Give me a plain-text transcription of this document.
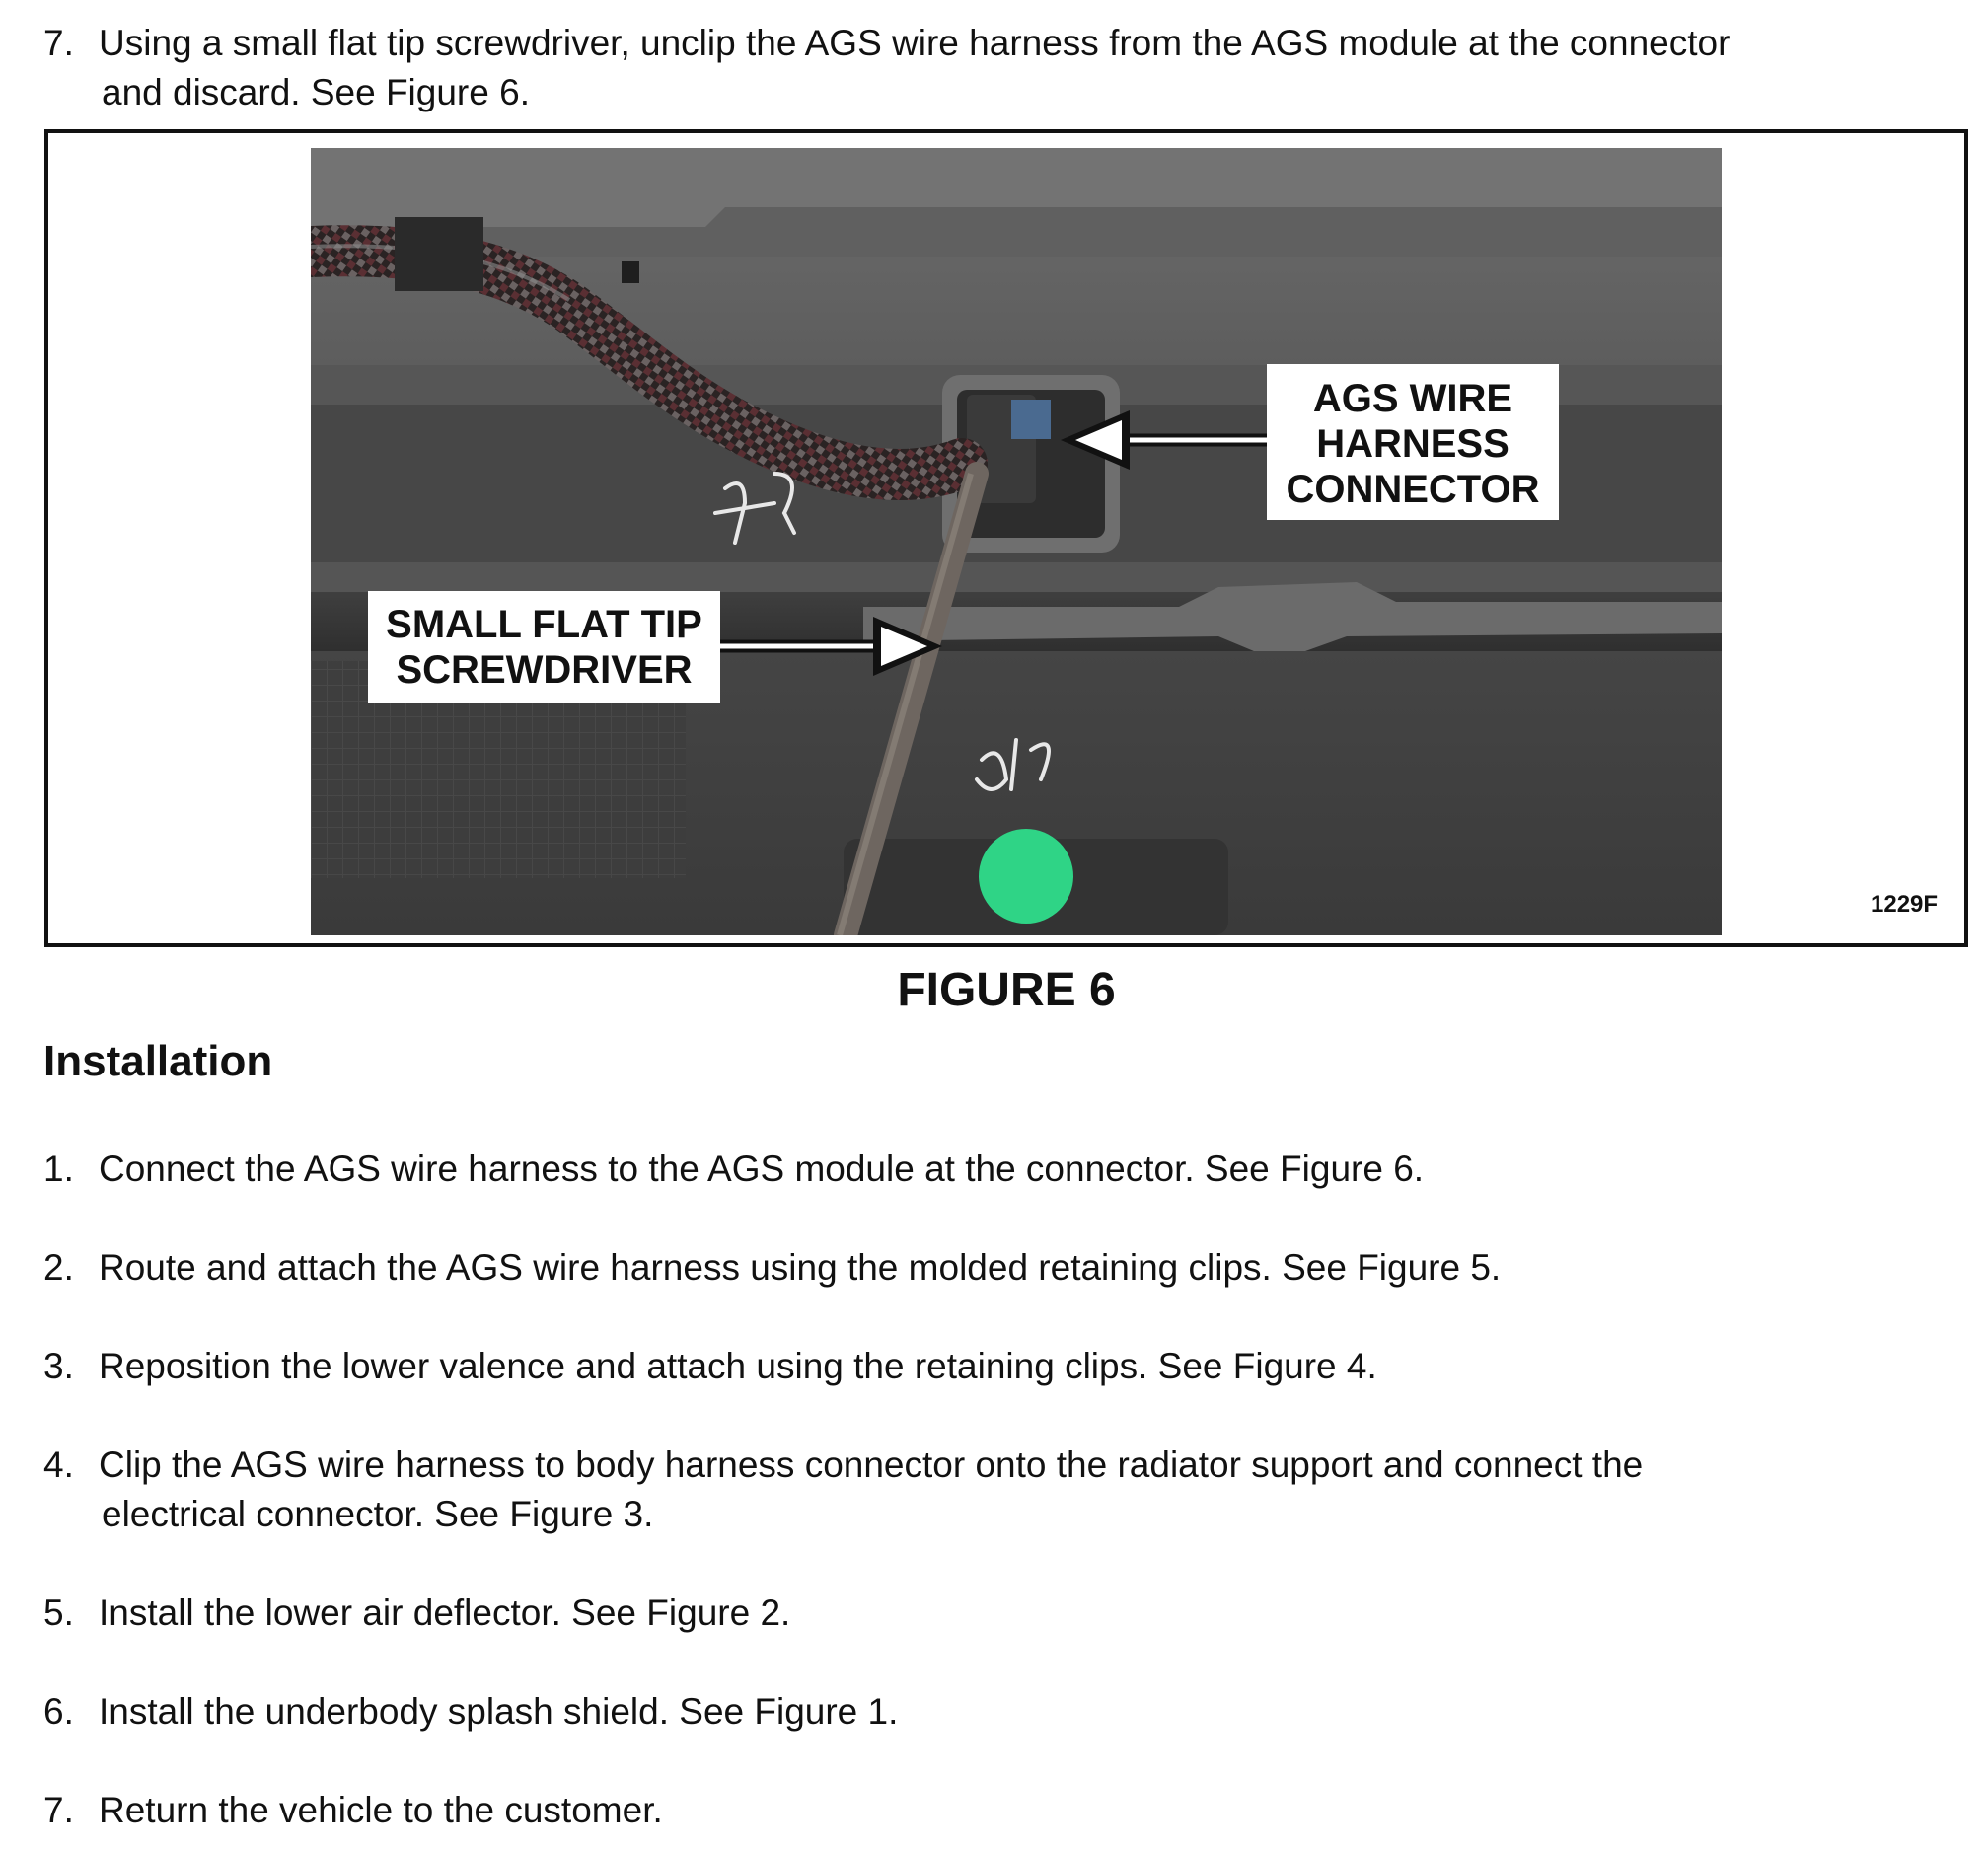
7. Using a small flat tip screwdriver, unclip the AGS wire harness from the AGS module at the connector
and discard. See Figure 6.
AGS WIRE
HARNESS
CONNECTOR
SMALL FLAT TIP
SCREWDRIVER
1229F
FIGURE 6
Installation
1. Connect the AGS wire harness to the AGS module at the connector. See Figure 6.
2. Route and attach the AGS wire harness using the molded retaining clips. See Figure 5.
3. Reposition the lower valence and attach using the retaining clips. See Figure 4.
4. Clip the AGS wire harness to body harness connector onto the radiator support and connect the
electrical connector. See Figure 3.
5. Install the lower air deflector. See Figure 2.
6. Install the underbody splash shield. See Figure 1.
7. Return the vehicle to the customer.
